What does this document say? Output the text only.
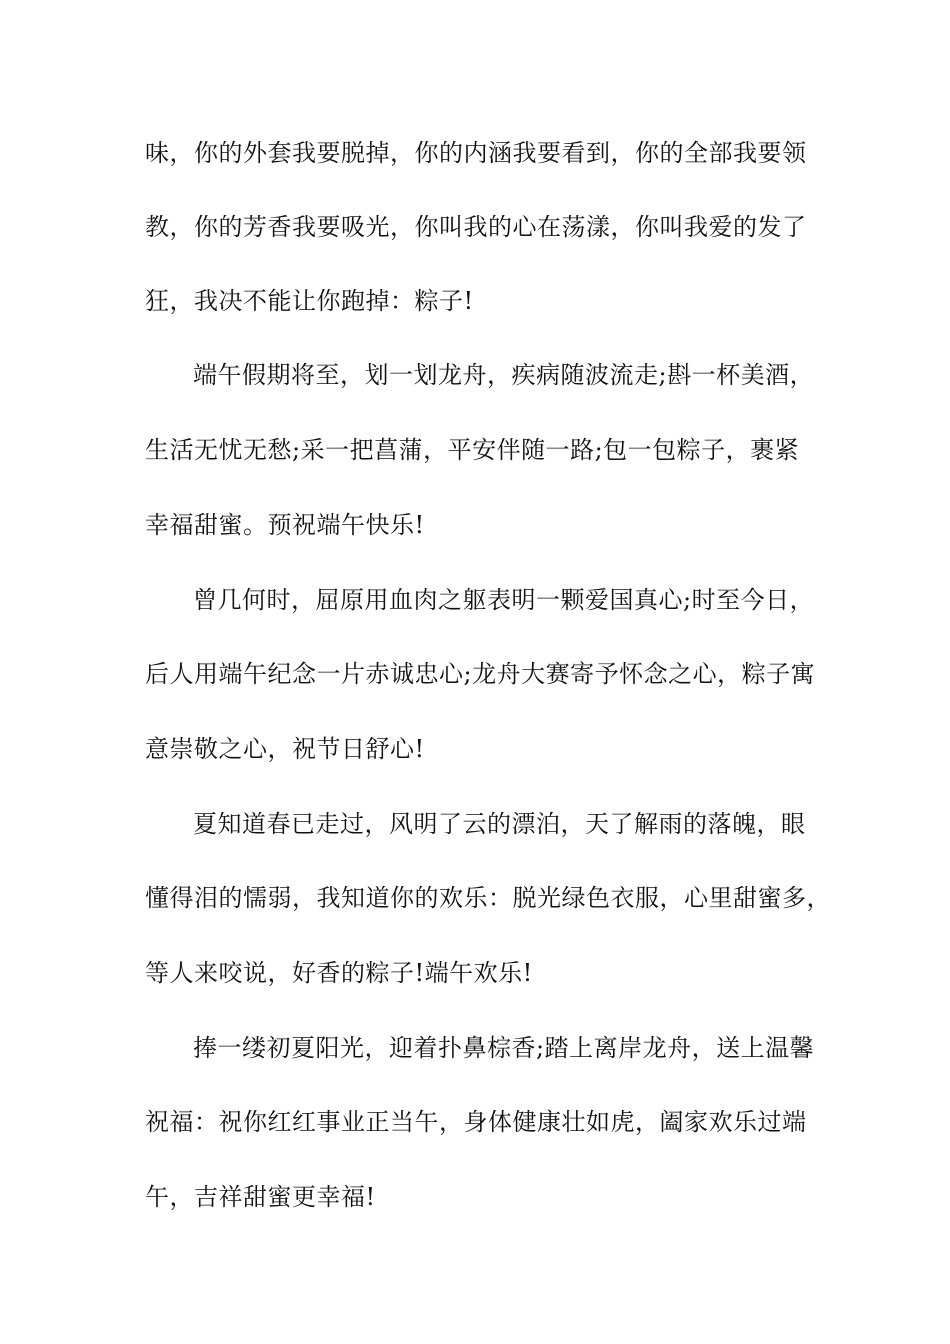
味，你的外套我要脱掉，你的内涵我要看到，你的全部我要领
教，你的芳香我要吸光，你叫我的心在荡漾，你叫我爱的发了
狂，我决不能让你跑掉：粽子!
端午假期将至，划一划龙舟，疾病随波流走;斟一杯美酒，
生活无忧无愁;采一把菖蒲，平安伴随一路;包一包粽子，裹紧
幸福甜蜜。预祝端午快乐!
曾几何时，屈原用血肉之躯表明一颗爱国真心;时至今日，
后人用端午纪念一片赤诚忠心;龙舟大赛寄予怀念之心，粽子寓
意崇敬之心，祝节日舒心!
夏知道春已走过，风明了云的漂泊，天了解雨的落魄，眼
懂得泪的懦弱，我知道你的欢乐：脱光绿色衣服，心里甜蜜多，
等人来咬说，好香的粽子!端午欢乐!
捧一缕初夏阳光，迎着扑鼻棕香;踏上离岸龙舟，送上温馨
祝福：祝你红红事业正当午，身体健康壮如虎，阖家欢乐过端
午，吉祥甜蜜更幸福!
